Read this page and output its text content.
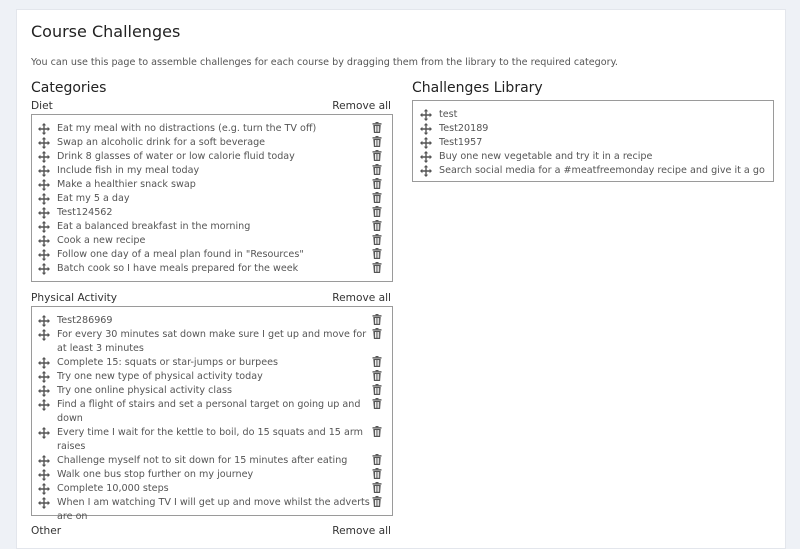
Course Challenges
You can use this page to assemble challenges for each course by dragging them from the library to the required category.
Categories	Challenges Library
Diet	Remove all
Eat my meal with no distractions (e.g. turn the TV off)
Swap an alcoholic drink for a soft beverage
Drink 8 glasses of water or low calorie fluid today
Include fish in my meal today
Make a healthier snack swap
Eat my 5 a day
Test124562
Eat a balanced breakfast in the morning
Cook a new recipe
Follow one day of a meal plan found in "Resources"
Batch cook so I have meals prepared for the week
Physical Activity	Remove all
Test286969
For every 30 minutes sat down make sure I get up and move for at least 3 minutes
Complete 15: squats or star-jumps or burpees
Try one new type of physical activity today
Try one online physical activity class
Find a flight of stairs and set a personal target on going up and down
Every time I wait for the kettle to boil, do 15 squats and 15 arm raises
Challenge myself not to sit down for 15 minutes after eating
Walk one bus stop further on my journey
Complete 10,000 steps
When I am watching TV I will get up and move whilst the adverts are on
Other	Remove all
test
Test20189
Test1957
Buy one new vegetable and try it in a recipe
Search social media for a #meatfreemonday recipe and give it a go
